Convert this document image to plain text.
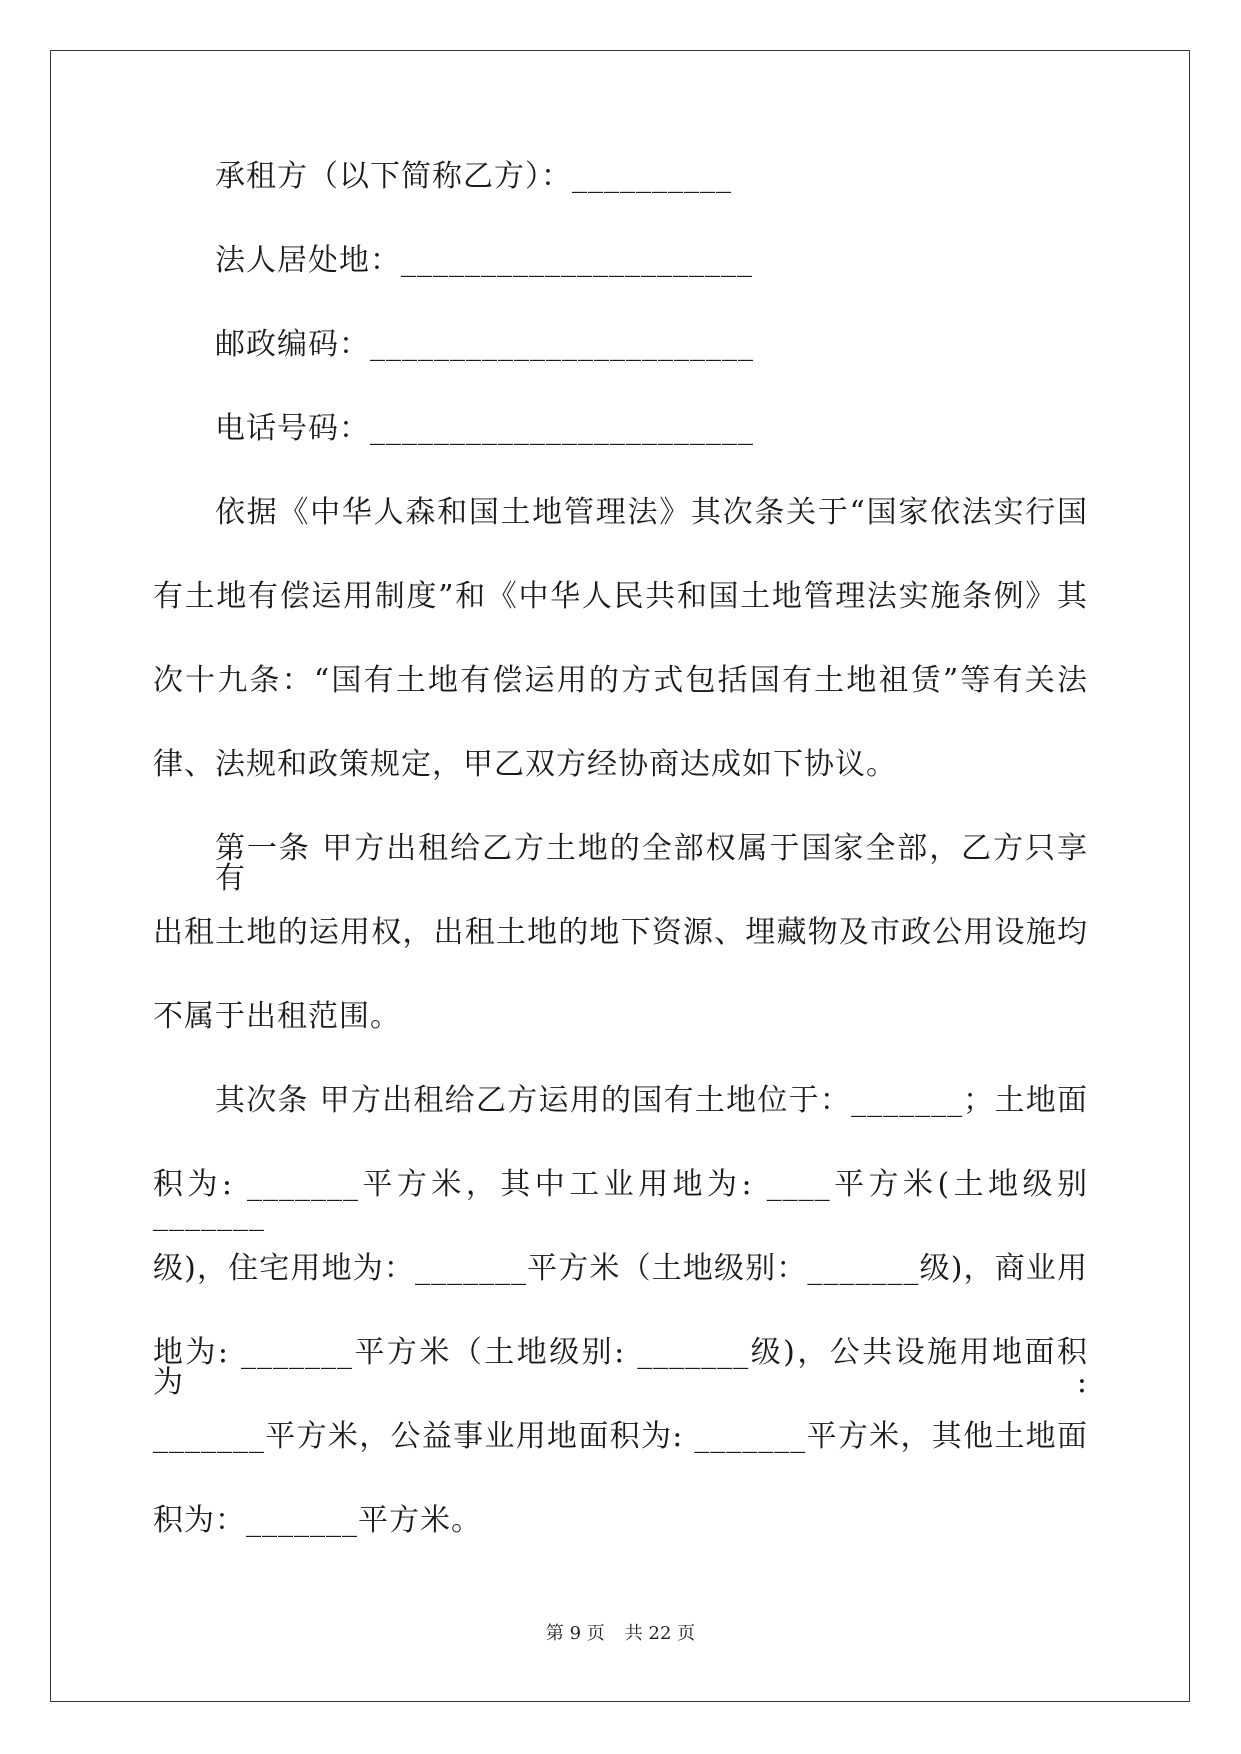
承租方（以下简称乙方）：__________
法人居处地：______________________
邮政编码：________________________
电话号码：________________________
依据《中华人森和国土地管理法》其次条关于“国家依法实行国
有土地有偿运用制度”和《中华人民共和国土地管理法实施条例》其
次十九条：“国有土地有偿运用的方式包括国有土地祖赁”等有关法
律、法规和政策规定，甲乙双方经协商达成如下协议。
第一条 甲方出租给乙方土地的全部权属于国家全部，乙方只享有
出租土地的运用权，出租土地的地下资源、埋藏物及市政公用设施均
不属于出租范围。
其次条 甲方出租给乙方运用的国有土地位于：_______；土地面
积为: _______平方米，其中工业用地为: ____平方米(土地级别_______
级)，住宅用地为：_______平方米（土地级别：_______级)，商业用
地为: _______平方米（土地级别: _______级)，公共设施用地面积为:
_______平方米，公益事业用地面积为: _______平方米，其他土地面
积为：_______平方米。
第 9 页 共 22 页
